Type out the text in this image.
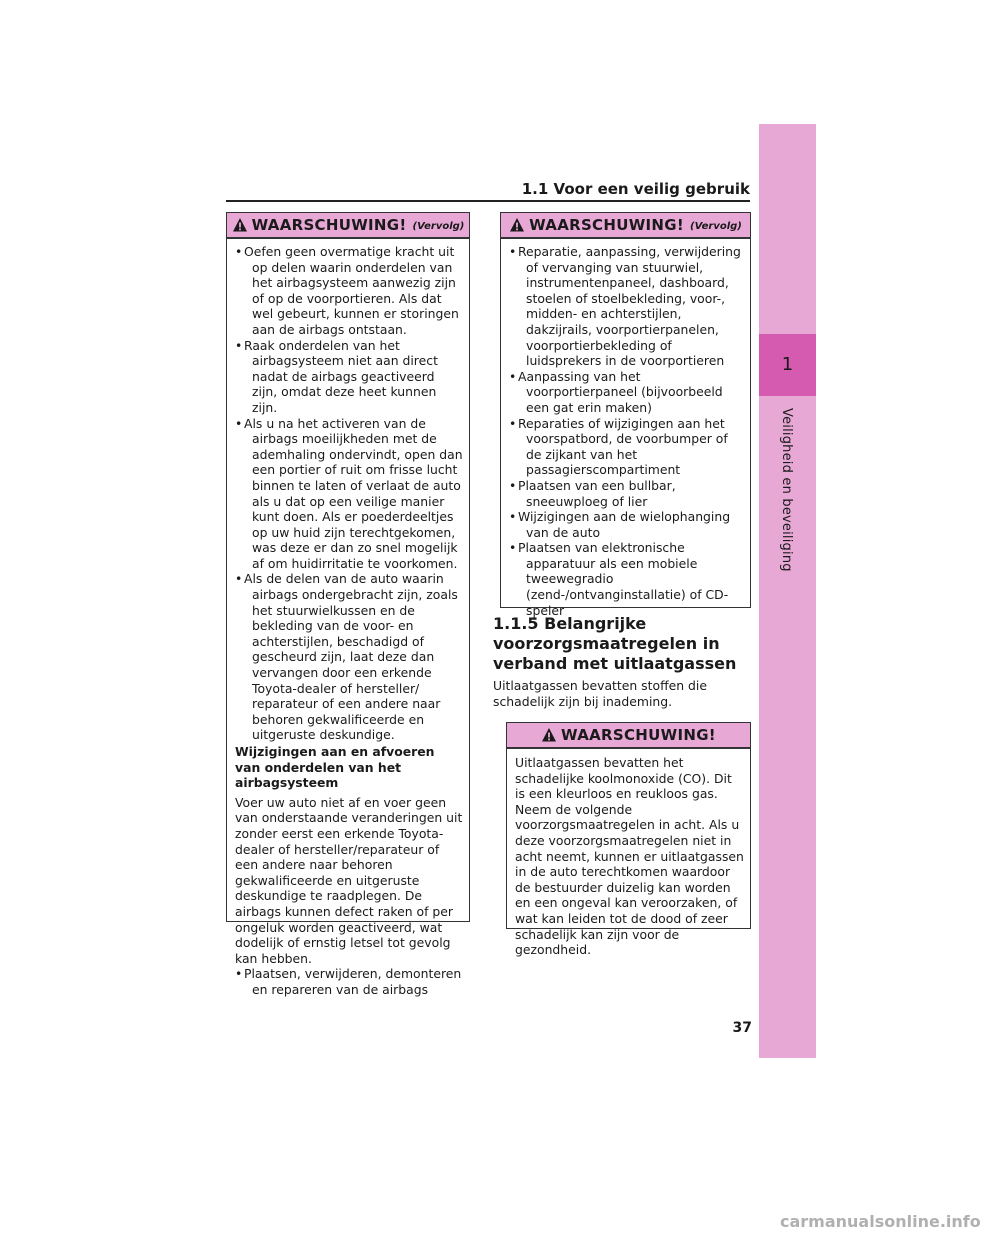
1.1 Voor een veilig gebruik
1
Veiligheid en beveiliging
WAARSCHUWING! (Vervolg)
• Oefen geen overmatige kracht uit op delen waarin onderdelen van het airbagsysteem aanwezig zijn of op de voorportieren. Als dat wel gebeurt, kunnen er storingen aan de airbags ontstaan.
• Raak onderdelen van het airbagsysteem niet aan direct nadat de airbags geactiveerd zijn, omdat deze heet kunnen zijn.
• Als u na het activeren van de airbags moeilijkheden met de ademhaling ondervindt, open dan een portier of ruit om frisse lucht binnen te laten of verlaat de auto als u dat op een veilige manier kunt doen. Als er poederdeeltjes op uw huid zijn terechtgekomen, was deze er dan zo snel mogelijk af om huidirritatie te voorkomen.
• Als de delen van de auto waarin airbags ondergebracht zijn, zoals het stuurwielkussen en de bekleding van de voor- en achterstijlen, beschadigd of gescheurd zijn, laat deze dan vervangen door een erkende Toyota-dealer of hersteller/ reparateur of een andere naar behoren gekwalificeerde en uitgeruste deskundige.
Wijzigingen aan en afvoeren van onderdelen van het airbagsysteem
Voer uw auto niet af en voer geen van onderstaande veranderingen uit zonder eerst een erkende Toyota-dealer of hersteller/reparateur of een andere naar behoren gekwalificeerde en uitgeruste deskundige te raadplegen. De airbags kunnen defect raken of per ongeluk worden geactiveerd, wat dodelijk of ernstig letsel tot gevolg kan hebben.
• Plaatsen, verwijderen, demonteren en repareren van de airbags
WAARSCHUWING! (Vervolg)
• Reparatie, aanpassing, verwijdering of vervanging van stuurwiel, instrumentenpaneel, dashboard, stoelen of stoelbekleding, voor-, midden- en achterstijlen, dakzijrails, voorportierpanelen, voorportierbekleding of luidsprekers in de voorportieren
• Aanpassing van het voorportierpaneel (bijvoorbeeld een gat erin maken)
• Reparaties of wijzigingen aan het voorspatbord, de voorbumper of de zijkant van het passagierscompartiment
• Plaatsen van een bullbar, sneeuwploeg of lier
• Wijzigingen aan de wielophanging van de auto
• Plaatsen van elektronische apparatuur als een mobiele tweewegradio (zend-/ontvanginstallatie) of CD-speler
1.1.5 Belangrijke voorzorgsmaatregelen in verband met uitlaatgassen
Uitlaatgassen bevatten stoffen die schadelijk zijn bij inademing.
WAARSCHUWING!
Uitlaatgassen bevatten het schadelijke koolmonoxide (CO). Dit is een kleurloos en reukloos gas. Neem de volgende voorzorgsmaatregelen in acht. Als u deze voorzorgsmaatregelen niet in acht neemt, kunnen er uitlaatgassen in de auto terechtkomen waardoor de bestuurder duizelig kan worden en een ongeval kan veroorzaken, of wat kan leiden tot de dood of zeer schadelijk kan zijn voor de gezondheid.
37
carmanualsonline.info
